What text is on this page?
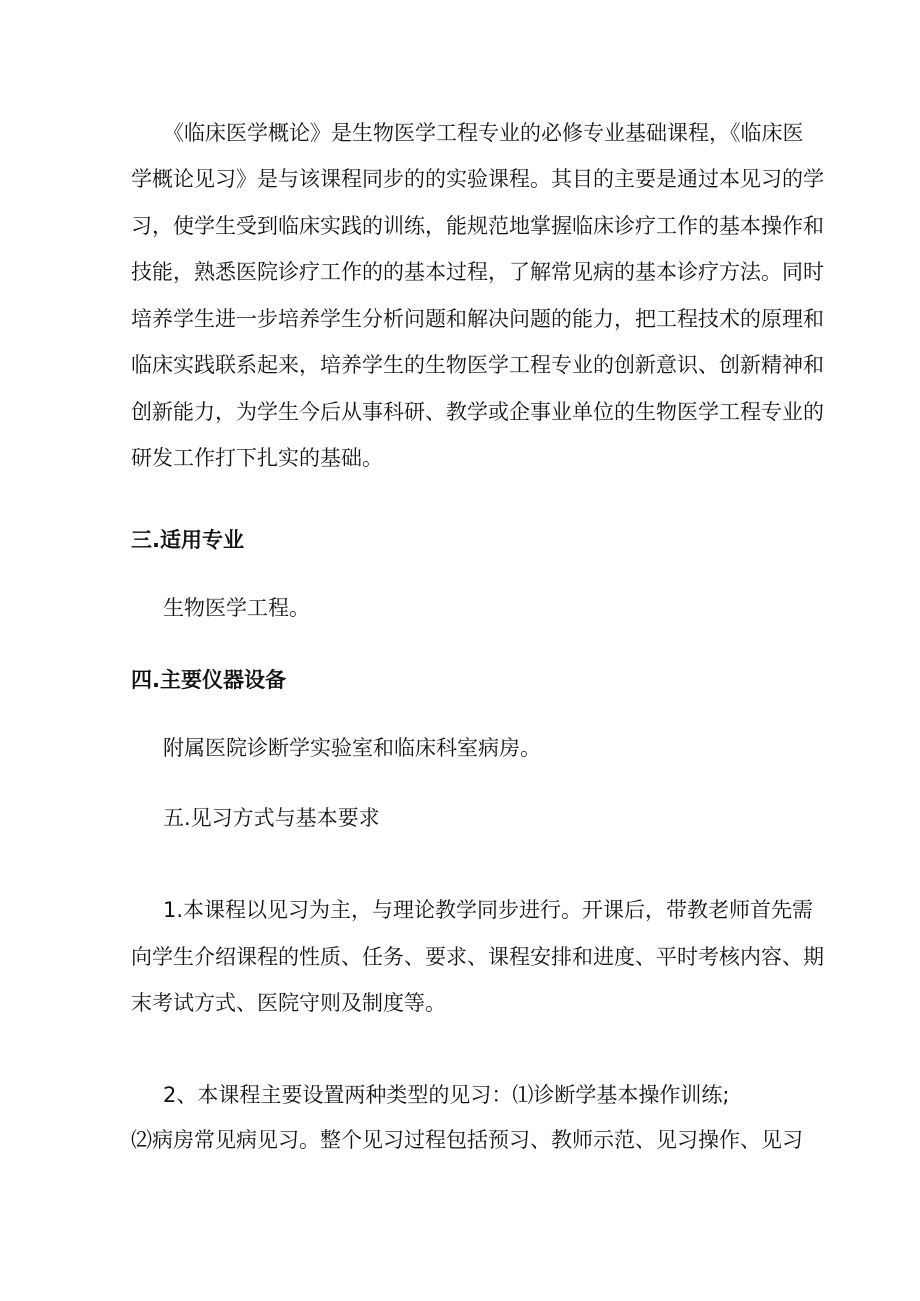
《临床医学概论》是生物医学工程专业的必修专业基础课程，《临床医
学概论见习》是与该课程同步的的实验课程。其目的主要是通过本见习的学
习，使学生受到临床实践的训练，能规范地掌握临床诊疗工作的基本操作和
技能，熟悉医院诊疗工作的的基本过程，了解常见病的基本诊疗方法。同时
培养学生进一步培养学生分析问题和解决问题的能力，把工程技术的原理和
临床实践联系起来，培养学生的生物医学工程专业的创新意识、创新精神和
创新能力，为学生今后从事科研、教学或企事业单位的生物医学工程专业的
研发工作打下扎实的基础。
三.适用专业
生物医学工程。
四.主要仪器设备
附属医院诊断学实验室和临床科室病房。
五.见习方式与基本要求
1.本课程以见习为主，与理论教学同步进行。开课后，带教老师首先需
向学生介绍课程的性质、任务、要求、课程安排和进度、平时考核内容、期
末考试方式、医院守则及制度等。
2、本课程主要设置两种类型的见习：⑴诊断学基本操作训练;
⑵病房常见病见习。整个见习过程包括预习、教师示范、见习操作、见习
